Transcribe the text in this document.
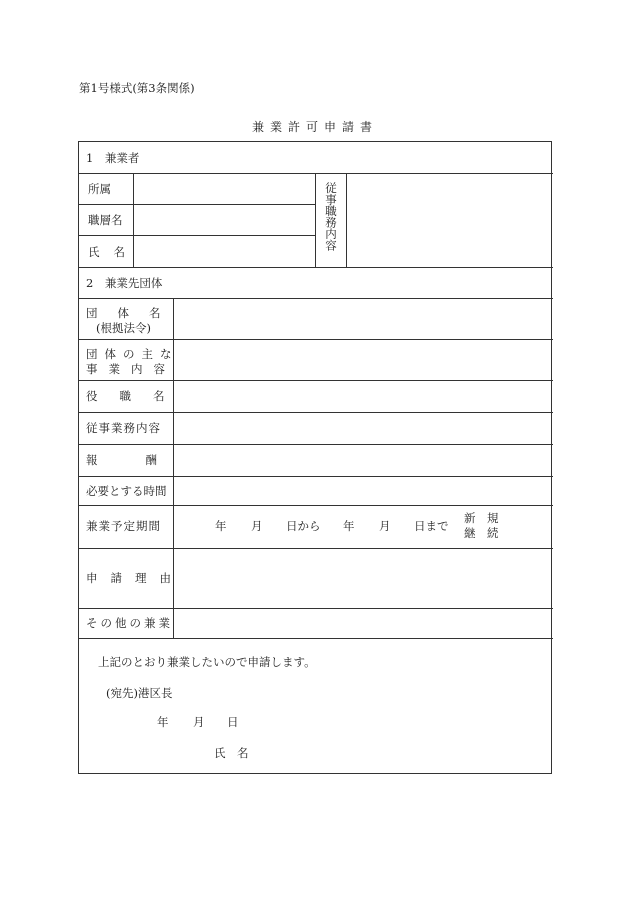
第1号様式(第3条関係)
兼業許可申請書
1　兼業者
所属
職層名
氏名
従事職務内容
2　兼業先団体
団体名
(根拠法令)
団体の主な
事業内容
役職名
従事業務内容
報酬
必要とする時間
兼業予定期間	年 月 日から 年 月 日まで
新　規
継　続
申請理由
その他の兼業
上記のとおり兼業したいので申請します。
(宛先)港区長
年 月 日
氏　名
